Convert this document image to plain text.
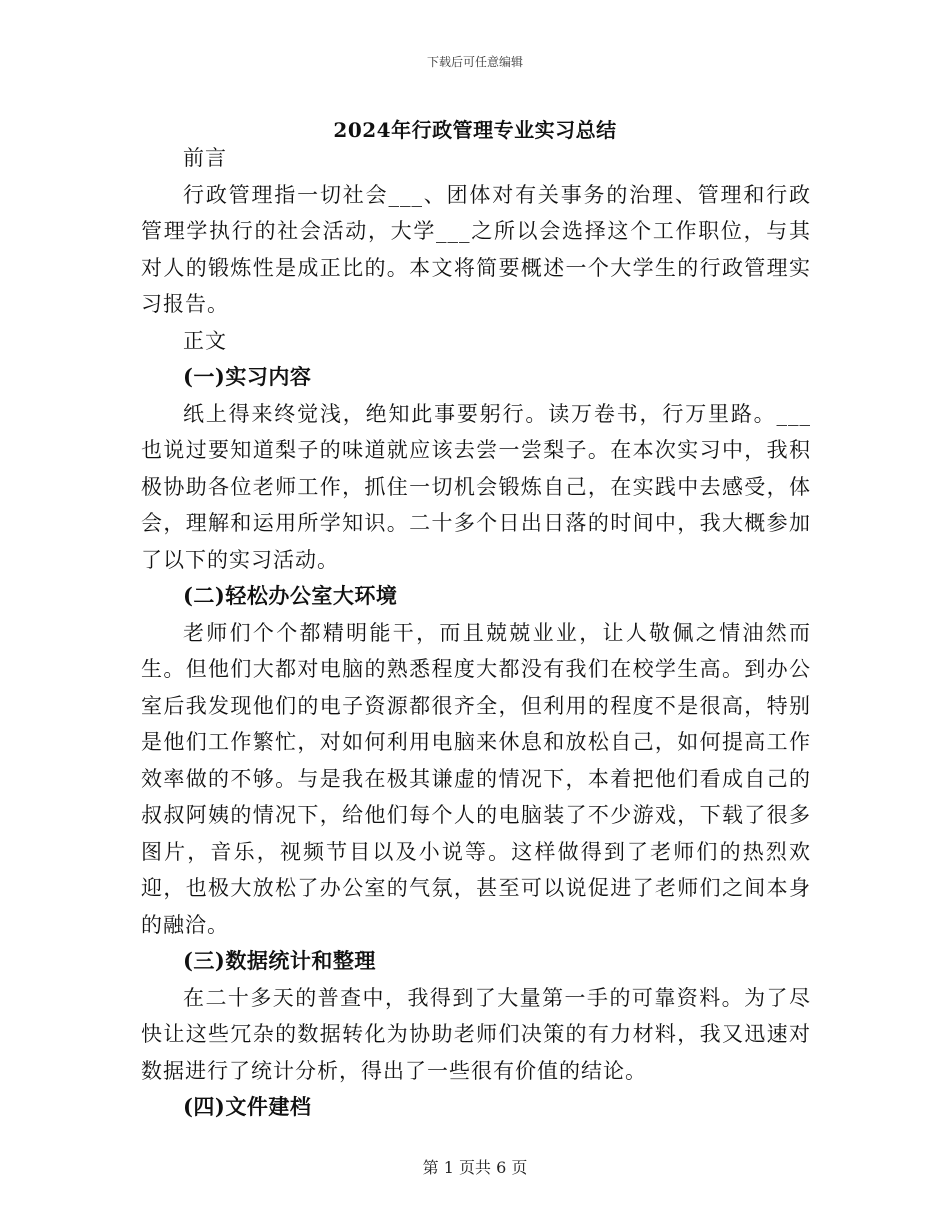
下载后可任意编辑
2024年行政管理专业实习总结

前言

行政管理指一切社会___、团体对有关事务的治理、管理和行政管理学执行的社会活动，大学___之所以会选择这个工作职位，与其对人的锻炼性是成正比的。本文将简要概述一个大学生的行政管理实习报告。

正文

(一)实习内容

纸上得来终觉浅，绝知此事要躬行。读万卷书，行万里路。___也说过要知道梨子的味道就应该去尝一尝梨子。在本次实习中，我积极协助各位老师工作，抓住一切机会锻炼自己，在实践中去感受，体会，理解和运用所学知识。二十多个日出日落的时间中，我大概参加了以下的实习活动。

(二)轻松办公室大环境

老师们个个都精明能干，而且兢兢业业，让人敬佩之情油然而生。但他们大都对电脑的熟悉程度大都没有我们在校学生高。到办公室后我发现他们的电子资源都很齐全，但利用的程度不是很高，特别是他们工作繁忙，对如何利用电脑来休息和放松自己，如何提高工作效率做的不够。与是我在极其谦虚的情况下，本着把他们看成自己的叔叔阿姨的情况下，给他们每个人的电脑装了不少游戏，下载了很多图片，音乐，视频节目以及小说等。这样做得到了老师们的热烈欢迎，也极大放松了办公室的气氛，甚至可以说促进了老师们之间本身的融洽。

(三)数据统计和整理

在二十多天的普查中，我得到了大量第一手的可靠资料。为了尽快让这些冗杂的数据转化为协助老师们决策的有力材料，我又迅速对数据进行了统计分析，得出了一些很有价值的结论。

(四)文件建档

第 1 页共 6 页
